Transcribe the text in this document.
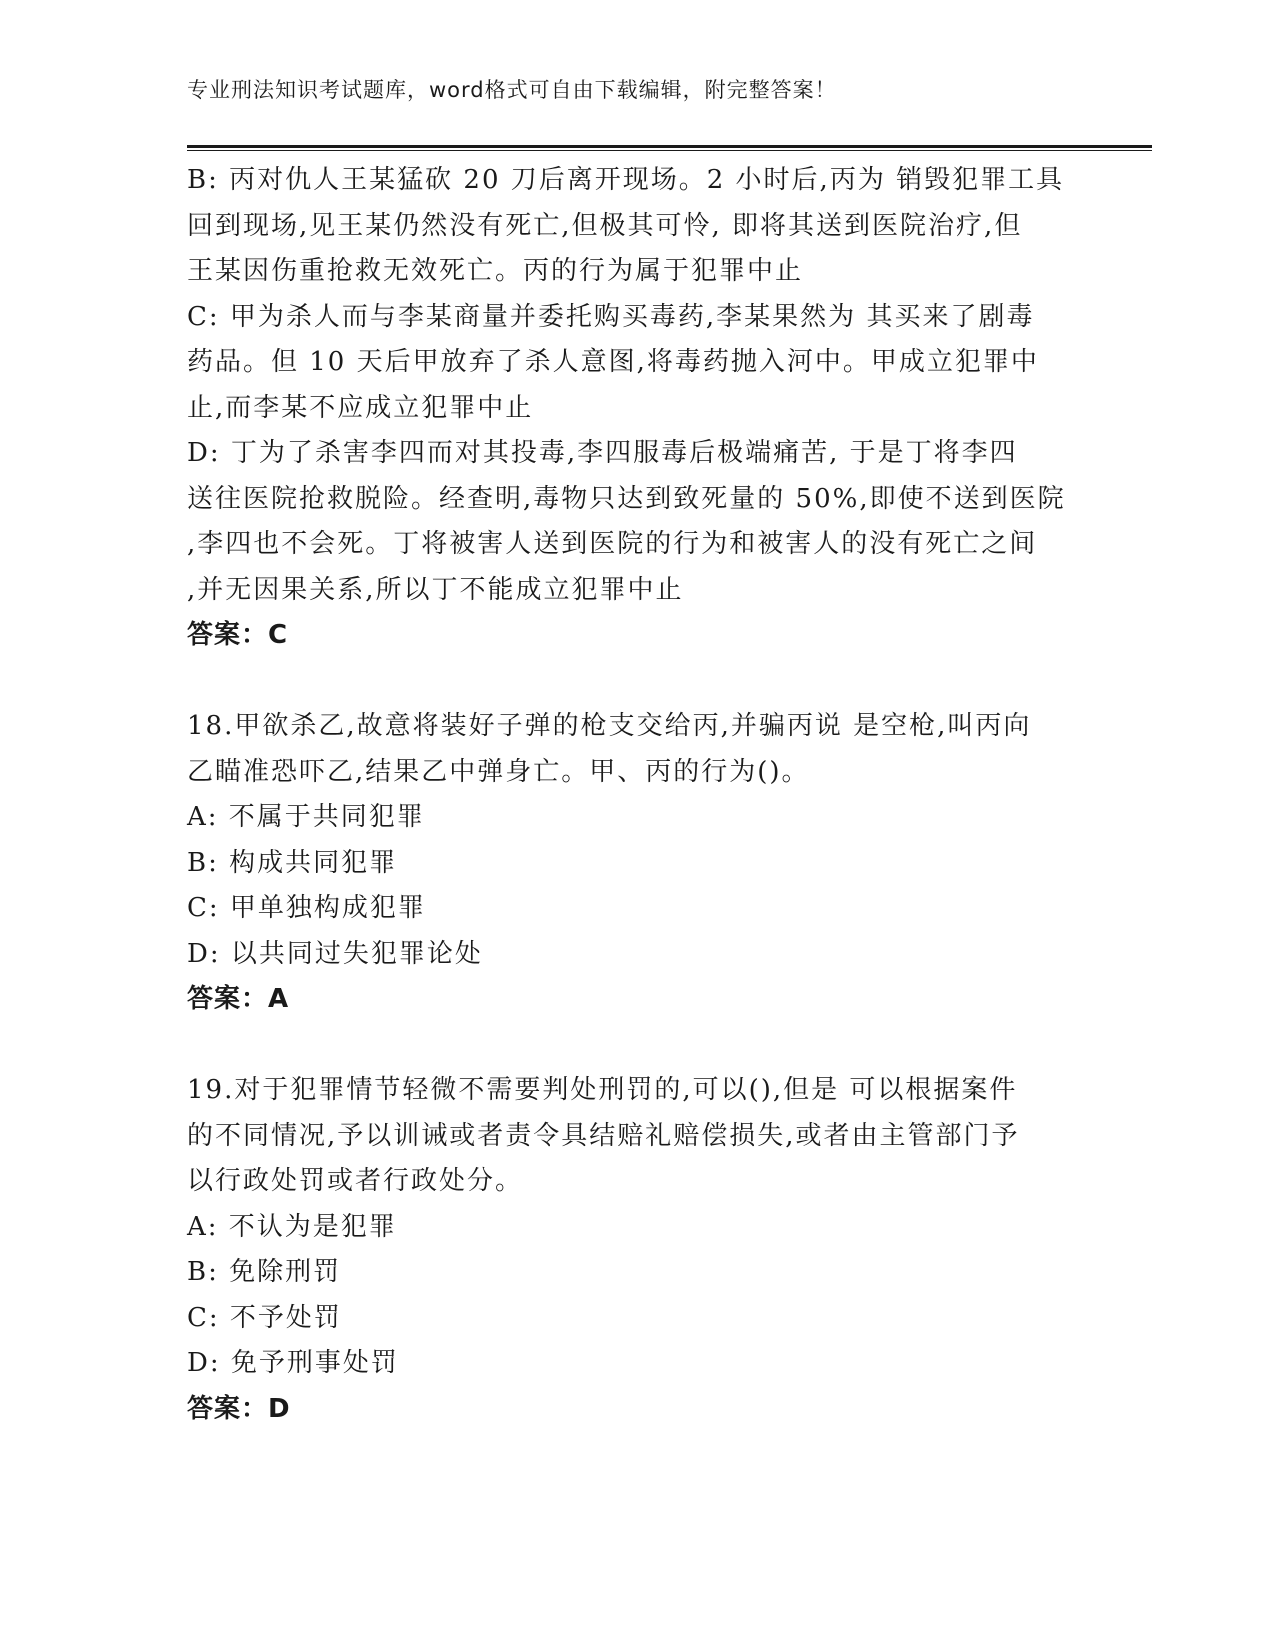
专业刑法知识考试题库，word格式可自由下载编辑，附完整答案！
B: 丙对仇人王某猛砍 20 刀后离开现场。2 小时后,丙为 销毁犯罪工具
回到现场,见王某仍然没有死亡,但极其可怜, 即将其送到医院治疗,但
王某因伤重抢救无效死亡。丙的行为属于犯罪中止
C: 甲为杀人而与李某商量并委托购买毒药,李某果然为 其买来了剧毒
药品。但 10 天后甲放弃了杀人意图,将毒药抛入河中。甲成立犯罪中
止,而李某不应成立犯罪中止
D: 丁为了杀害李四而对其投毒,李四服毒后极端痛苦, 于是丁将李四
送往医院抢救脱险。经查明,毒物只达到致死量的 50%,即使不送到医院
,李四也不会死。丁将被害人送到医院的行为和被害人的没有死亡之间
,并无因果关系,所以丁不能成立犯罪中止
答案：C
18.甲欲杀乙,故意将装好子弹的枪支交给丙,并骗丙说 是空枪,叫丙向
乙瞄准恐吓乙,结果乙中弹身亡。甲、丙的行为()。
A: 不属于共同犯罪
B: 构成共同犯罪
C: 甲单独构成犯罪
D: 以共同过失犯罪论处
答案：A
19.对于犯罪情节轻微不需要判处刑罚的,可以(),但是 可以根据案件
的不同情况,予以训诫或者责令具结赔礼赔偿损失,或者由主管部门予
以行政处罚或者行政处分。
A: 不认为是犯罪
B: 免除刑罚
C: 不予处罚
D: 免予刑事处罚
答案：D
